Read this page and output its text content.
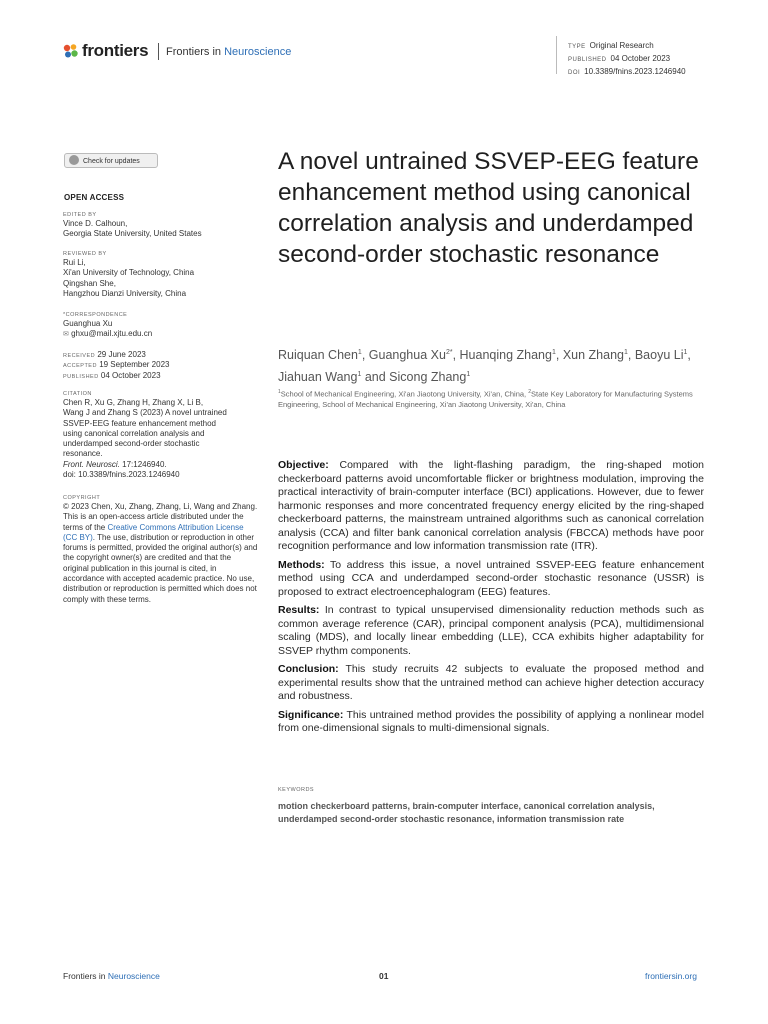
frontiers Frontiers in Neuroscience	TYPE Original Research
PUBLISHED 04 October 2023
DOI 10.3389/fnins.2023.1246940
Check for updates
OPEN ACCESS
EDITED BY
Vince D. Calhoun,
Georgia State University, United States
REVIEWED BY
Rui Li,
Xi'an University of Technology, China
Qingshan She,
Hangzhou Dianzi University, China
*CORRESPONDENCE
Guanghua Xu
✉ ghxu@mail.xjtu.edu.cn
RECEIVED 29 June 2023
ACCEPTED 19 September 2023
PUBLISHED 04 October 2023
CITATION
Chen R, Xu G, Zhang H, Zhang X, Li B,
Wang J and Zhang S (2023) A novel untrained
SSVEP-EEG feature enhancement method
using canonical correlation analysis and
underdamped second-order stochastic
resonance.
Front. Neurosci. 17:1246940.
doi: 10.3389/fnins.2023.1246940
COPYRIGHT
© 2023 Chen, Xu, Zhang, Zhang, Li, Wang and Zhang. This is an open-access article distributed under the terms of the Creative Commons Attribution License (CC BY). The use, distribution or reproduction in other forums is permitted, provided the original author(s) and the copyright owner(s) are credited and that the original publication in this journal is cited, in accordance with accepted academic practice. No use, distribution or reproduction is permitted which does not comply with these terms.
A novel untrained SSVEP-EEG feature enhancement method using canonical correlation analysis and underdamped second-order stochastic resonance
Ruiquan Chen$^1$, Guanghua $Xu^{2*}$, Huanqing Zhang$^1$, Xun Zhang$^1$, Baoyu Li$^1$, Jiahuan Wang$^1$ and Sicong Zhang$^1$
$^1$School of Mechanical Engineering, Xi'an Jiaotong University, Xi'an, China, $^2$State Key Laboratory for Manufacturing Systems Engineering, School of Mechanical Engineering, Xi'an Jiaotong University, Xi'an, China

Objective: Compared with the light-flashing paradigm, the ring-shaped motion checkerboard patterns avoid uncomfortable flicker or brightness modulation, improving the practical interactivity of brain-computer interface (BCI) applications. However, due to fewer harmonic responses and more concentrated frequency energy elicited by the ring-shaped checkerboard patterns, the mainstream untrained algorithms such as canonical correlation analysis (CCA) and filter bank canonical correlation analysis (FBCCA) methods have poor recognition performance and low information transmission rate (ITR).

Methods: To address this issue, a novel untrained SSVEP-EEG feature enhancement method using CCA and underdamped second-order stochastic resonance (USSR) is proposed to extract electroencephalogram (EEG) features.

Results: In contrast to typical unsupervised dimensionality reduction methods such as common average reference (CAR), principal component analysis (PCA), multidimensional scaling (MDS), and locally linear embedding (LLE), CCA exhibits higher adaptability for SSVEP rhythm components.

Conclusion: This study recruits 42 subjects to evaluate the proposed method and experimental results show that the untrained method can achieve higher detection accuracy and robustness.

Significance: This untrained method provides the possibility of applying a nonlinear model from one-dimensional signals to multi-dimensional signals.

KEYWORDS
motion checkerboard patterns, brain-computer interface, canonical correlation analysis, underdamped second-order stochastic resonance, information transmission rate
Frontiers in Neuroscience	01	frontiersin.org
